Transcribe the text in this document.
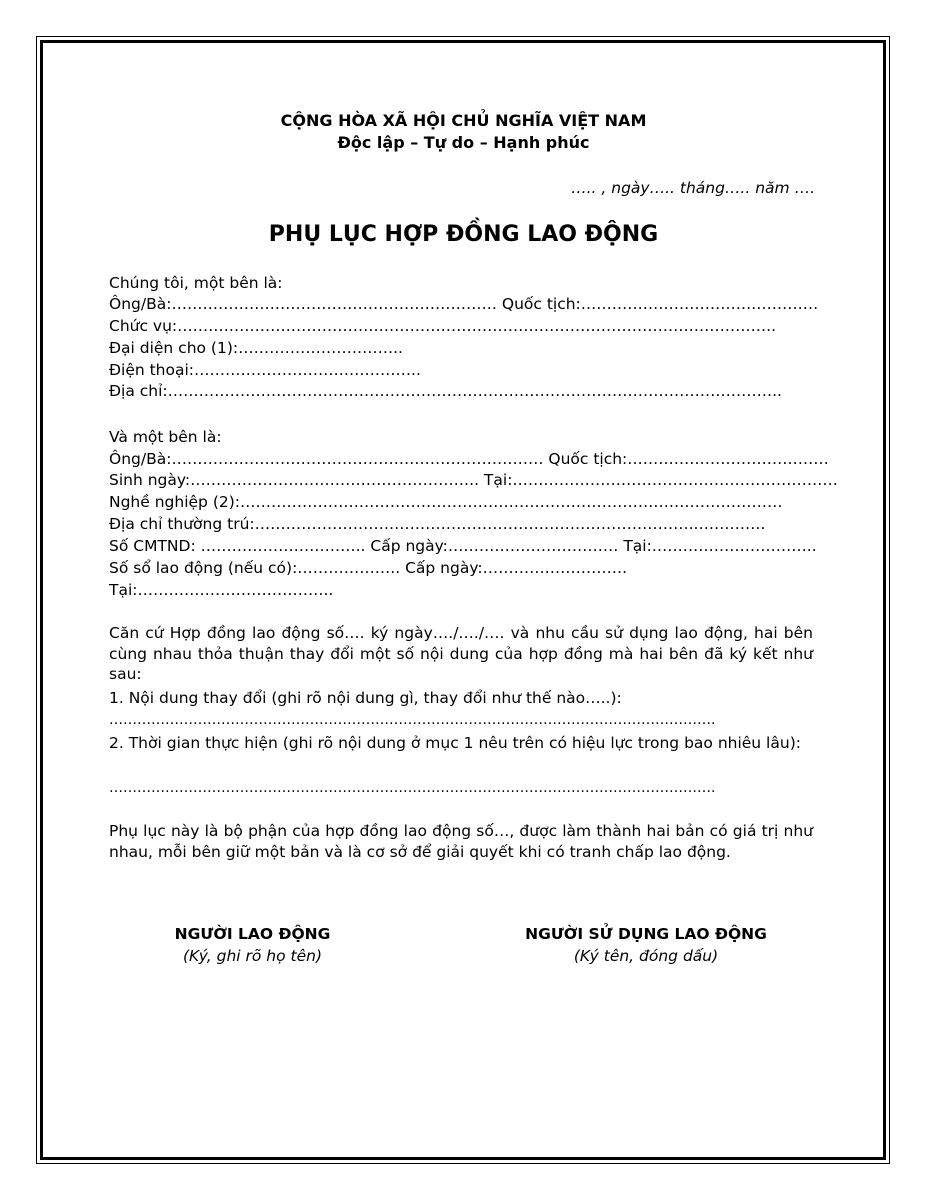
CỘNG HÒA XÃ HỘI CHỦ NGHĨA VIỆT NAM
Độc lập – Tự do – Hạnh phúc
….. , ngày….. tháng….. năm ….
PHỤ LỤC HỢP ĐỒNG LAO ĐỘNG
Chúng tôi, một bên là:
Ông/Bà:……………………………………………………… Quốc tịch:…………………………….…………
Chức vụ:……………………………………………………………………………………………………..
Đại diện cho (1):…………………………..
Điện thoại:……………………………………..
Địa chỉ:………………………………………………………………………………………………………..
Và một bên là:
Ông/Bà:……………………………………………………………… Quốc tịch:…………………………………
Sinh ngày:……………………………………………….. Tại:………………………………………………………
Nghề nghiệp (2):……………………………………………………………………………………………
Địa chỉ thường trú:…………………………………………………………………………..………….
Số CMTND: ………………………….. Cấp ngày:…………………………… Tại:…………………………..
Số sổ lao động (nếu có):……………….. Cấp ngày:……………………….
Tại:………………………………..
Căn cứ Hợp đồng lao động số…. ký ngày…./…./…. và nhu cầu sử dụng lao động, hai bên cùng nhau thỏa thuận thay đổi một số nội dung của hợp đồng mà hai bên đã ký kết như sau:
1. Nội dung thay đổi (ghi rõ nội dung gì, thay đổi như thế nào…..):
………………………………………………………………………………………………………………….
2. Thời gian thực hiện (ghi rõ nội dung ở mục 1 nêu trên có hiệu lực trong bao nhiêu lâu):
………………………………………………………………………………………………………………….
Phụ lục này là bộ phận của hợp đồng lao động số…, được làm thành hai bản có giá trị như nhau, mỗi bên giữ một bản và là cơ sở để giải quyết khi có tranh chấp lao động.
NGƯỜI LAO ĐỘNG
(Ký, ghi rõ họ tên)
NGƯỜI SỬ DỤNG LAO ĐỘNG
(Ký tên, đóng dấu)
